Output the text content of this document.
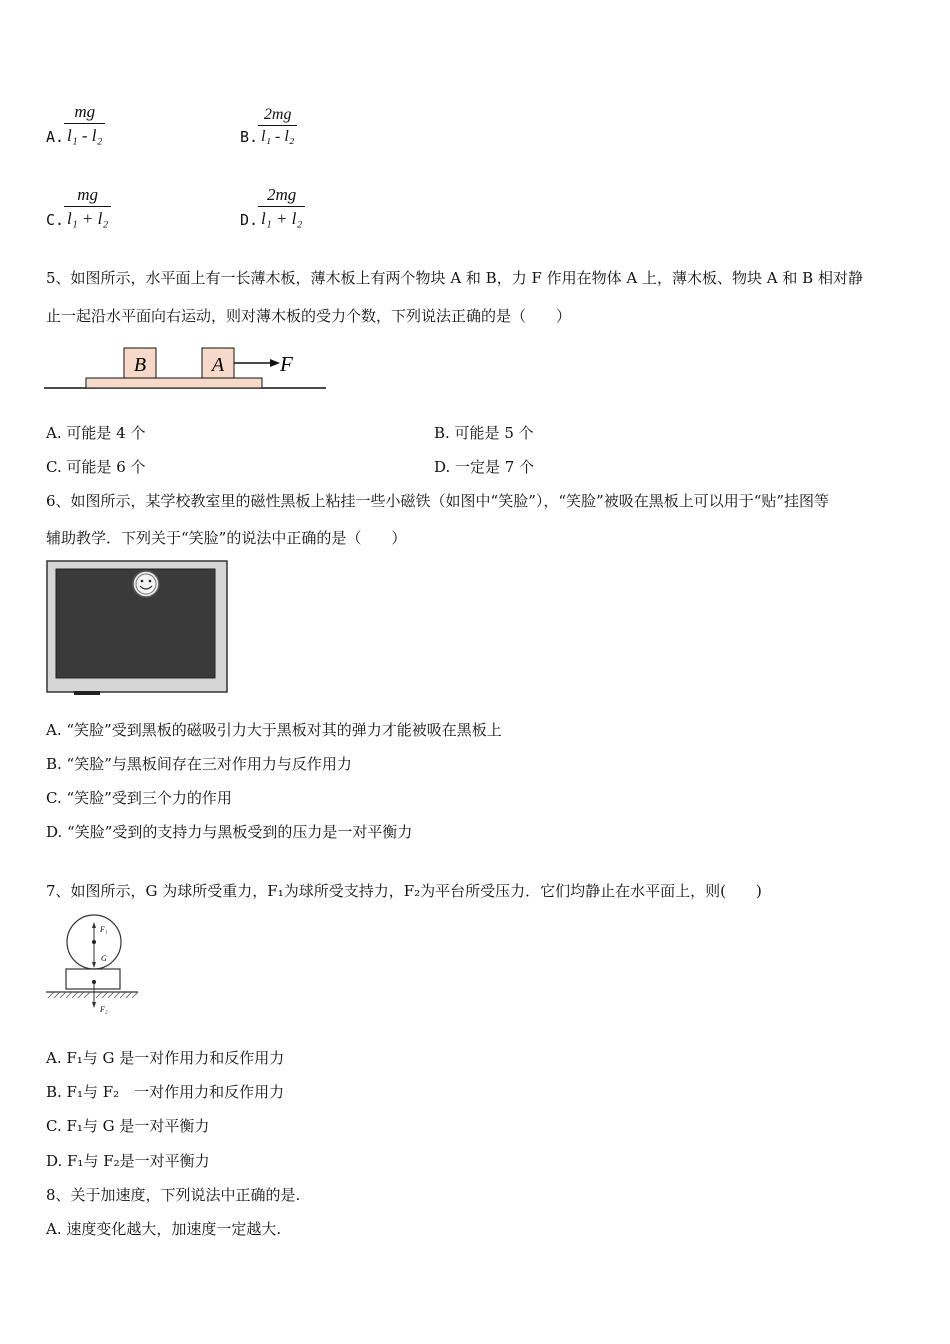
A.
mg
l₁ - l₂	B.
2mg
l₁ - l₂
C.
mg
l₁ + l₂	D.
2mg
l₁ + l₂
5、如图所示，水平面上有一长薄木板，薄木板上有两个物块 A 和 B，力 F 作用在物体 A 上，薄木板、物块 A 和 B 相对静
止一起沿水平面向右运动，则对薄木板的受力个数，下列说法正确的是（　　）
B	A	F
A. 可能是 4 个	B. 可能是 5 个
C. 可能是 6 个	D. 一定是 7 个
6、如图所示，某学校教室里的磁性黑板上粘挂一些小磁铁（如图中“笑脸”），“笑脸”被吸在黑板上可以用于“贴”挂图等
辅助教学．下列关于“笑脸”的说法中正确的是（　　）
A. “笑脸”受到黑板的磁吸引力大于黑板对其的弹力才能被吸在黑板上
B. “笑脸”与黑板间存在三对作用力与反作用力
C. “笑脸”受到三个力的作用
D. “笑脸”受到的支持力与黑板受到的压力是一对平衡力
7、如图所示，G 为球所受重力，F₁为球所受支持力，F₂为平台所受压力．它们均静止在水平面上，则(　　)
F₁
G
F₂
A. F₁与 G 是一对作用力和反作用力
B. F₁与 F₂　一对作用力和反作用力
C. F₁与 G 是一对平衡力
D. F₁与 F₂是一对平衡力
8、关于加速度，下列说法中正确的是.
A. 速度变化越大，加速度一定越大.
